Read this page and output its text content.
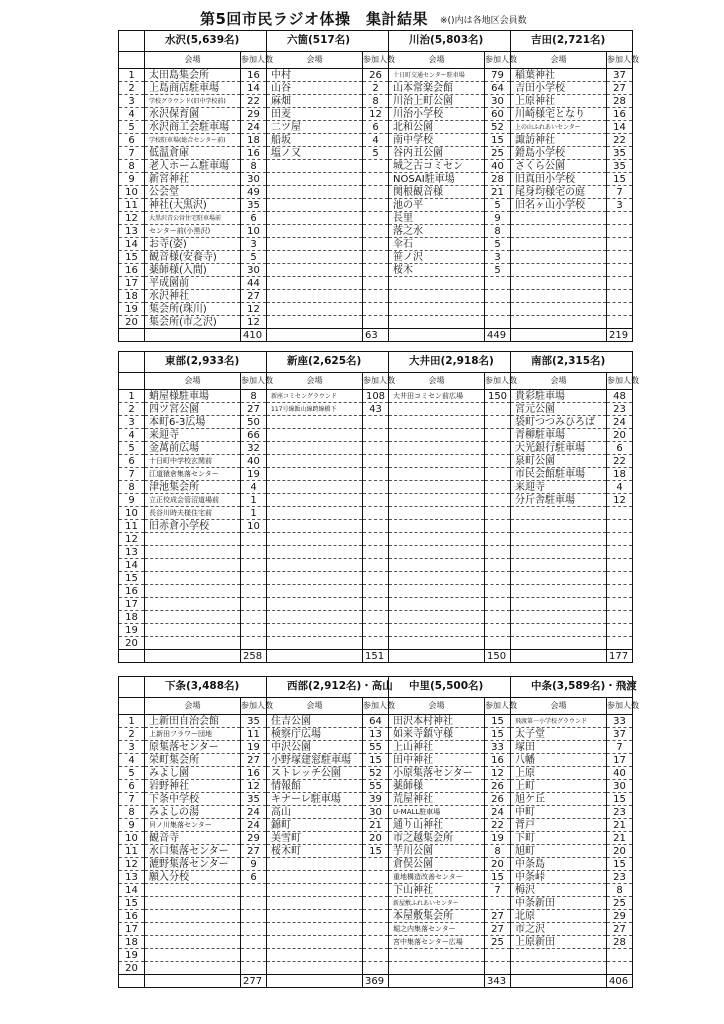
第5回市民ラジオ体操　集計結果 ※()内は各地区会員数
	水沢(5,639名)		六箇(517名)		川治(5,803名)		吉田(2,721名)	
	会場	参加人数	会場	参加人数	会場	参加人数	会場	参加人数
1	太田島集会所	16	中村	26	十日町交通センター駐車場	79	稲葉神社	37
2	上島商店駐車場	14	山谷	2	山本常楽会館	64	吉田小学校	27
3	学校グラウンド(旧中学校前)	22	麻畑	8	川治上町公園	30	上原神社	28
4	水沢保育園	29	田麦	12	川治小学校	60	川崎様宅となり	16
5	水沢商工会駐車場	24	二ツ屋	6	北和公園	52	上の山ふれあいセンター	14
6	学校駐車場(総合センター前)	18	船坂	4	南中学校	15	諏訪神社	22
7	低温倉庫	16	塩ノ又	5	谷内丑公園	25	鐙島小学校	35
8	老人ホーム駐車場	8			城之古コミセン	40	さくら公園	35
9	新宮神社	30			NOSAI駐車場	28	旧真田小学校	15
10	公会堂	49			関根観音様	21	尾身均様宅の庭	7
11	神社(大黒沢)	35			池の平	5	旧名ヶ山小学校	3
12	大黒沢青公営住宅駐車場前	6			長里	9		
13	センター前(小黒沢)	10			落之水	8		
14	お寺(姿)	3			伞石	5		
15	観音様(安養寺)	5			笹ノ沢	3		
16	薬師様(入間)	30			桜木	5		
17	平成園前	44						
18	水沢神社	27						
19	集会所(珠川)	12						
20	集会所(市之沢)	12						
		410		63		449		219
	東部(2,933名)		新座(2,625名)		大井田(2,918名)		南部(2,315名)	
	会場	参加人数	会場	参加人数	会場	参加人数	会場	参加人数
1	蛸屋様駐車場	8	新座コミセングラウンド	108	大井田コミセン前広場	150	貴彩駐車場	48
2	四ツ宮公園	27	117号線飯山線跨線橋下	43			宮元公園	23
3	本町6-3広場	50					袋町つつみひろば	24
4	来迎寺	66					青柳駐車場	20
5	金萬前広場	32					大光銀行駐車場	6
6	十日町中学校玄関前	40					泉町公園	22
7	江道猿倉集落センター	19					市民会館駐車場	18
8	津池集会所	4					来迎寺	4
9	立正佼成会管沼道場前	1					分斤舎駐車場	12
10	長谷川時夫様住宅前	1						
11	旧赤倉小学校	10						
12								
13								
14								
15								
16								
17								
18								
19								
20								
		258		151		150		177
	下条(3,488名)		西部(2,912名)・高山		中里(5,500名)		中条(3,589名)・飛渡	
	会場	参加人数	会場	参加人数	会場	参加人数	会場	参加人数
1	上新田自治会館	35	住吉公園	64	田沢本村神社	15	飛渡第一小学校グラウンド	33
2	上新田フラワー団地	11	検察庁広場	13	如来寺鎮守様	15	太子堂	37
3	原集落センター	19	中沢公園	55	上山神社	33	塚田	7
4	栄町集会所	27	小野塚建窓駐車場	15	田中神社	16	八幡	17
5	みよし園	16	ストレッチ公園	52	小原集落センター	12	上原	40
6	岩野神社	12	情報館	55	薬師様	26	上町	30
7	下条中学校	35	キナーレ駐車場	39	荒屋神社	26	旭ケ丘	15
8	みよしの湯	24	高山	30	U-MALL駐車場	24	中町	23
9	貝ノ川集落センター	24	錦町	21	通り山神社	22	背戸	21
10	観音寺	29	美雪町	20	市之越集会所	19	下町	21
11	水口集落センター	27	桜木町	15	芋川公園	8	旭町	20
12	漉野集落センター	9			倉俣公園	20	中条島	15
13	願入分校	6			重地構造改善センター	15	中条峠	23
14					下山神社	7	梅沢	8
15					新屋敷ふれあいセンター		中条新田	25
16					本屋敷集会所	27	北原	29
17					堀之内集落センター	27	市之沢	27
18					宮中集落センター広場	25	上原新田	28
19								
20								
		277		369		343		406
